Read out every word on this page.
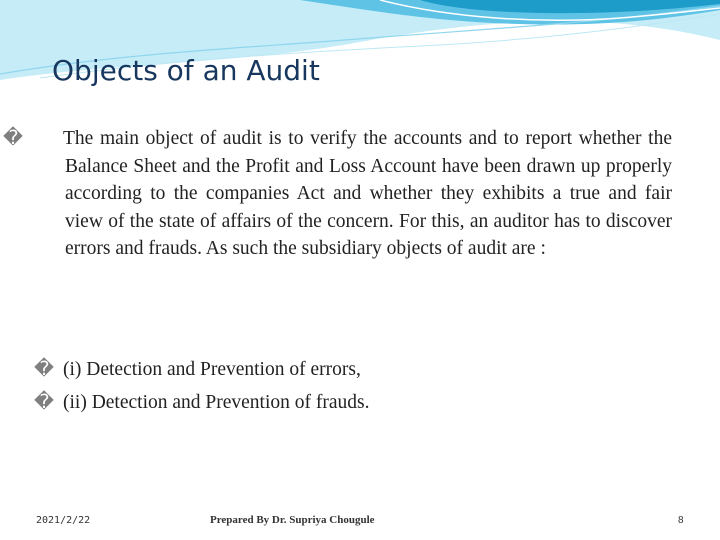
Objects of an Audit
� The main object of audit is to verify the accounts and to report whether the Balance Sheet and the Profit and Loss Account have been drawn up properly according to the companies Act and whether they exhibits a true and fair view of the state of affairs of the concern. For this, an auditor has to discover errors and frauds. As such the subsidiary objects of audit are :
� (i) Detection and Prevention of errors,
� (ii) Detection and Prevention of frauds.
2021/2/22	Prepared By Dr. Supriya Chougule	8
